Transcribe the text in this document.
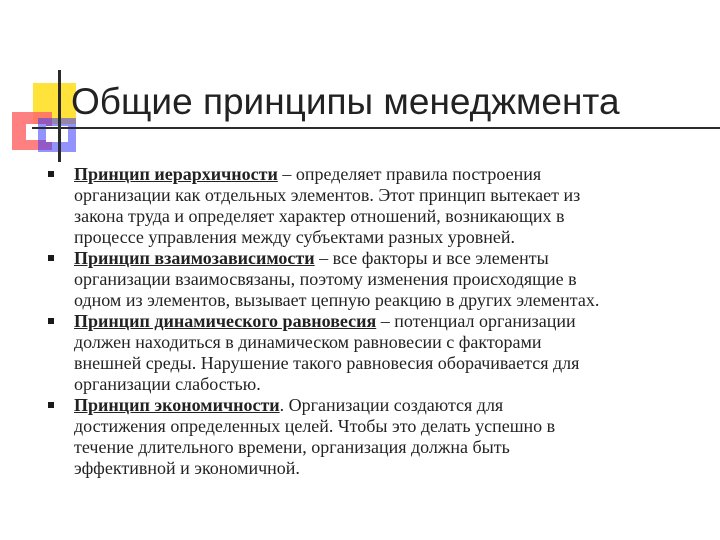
Общие принципы менеджмента
Принцип иерархичности – определяет правила построения
организации как отдельных элементов. Этот принцип вытекает из
закона труда и определяет характер отношений, возникающих в
процессе управления между субъектами разных уровней.
Принцип взаимозависимости – все факторы и все элементы
организации взаимосвязаны, поэтому изменения происходящие в
одном из элементов, вызывает цепную реакцию в других элементах.
Принцип динамического равновесия – потенциал организации
должен находиться в динамическом равновесии с факторами
внешней среды. Нарушение такого равновесия оборачивается для
организации слабостью.
Принцип экономичности. Организации создаются для
достижения определенных целей. Чтобы это делать успешно в
течение длительного времени, организация должна быть
эффективной и экономичной.
